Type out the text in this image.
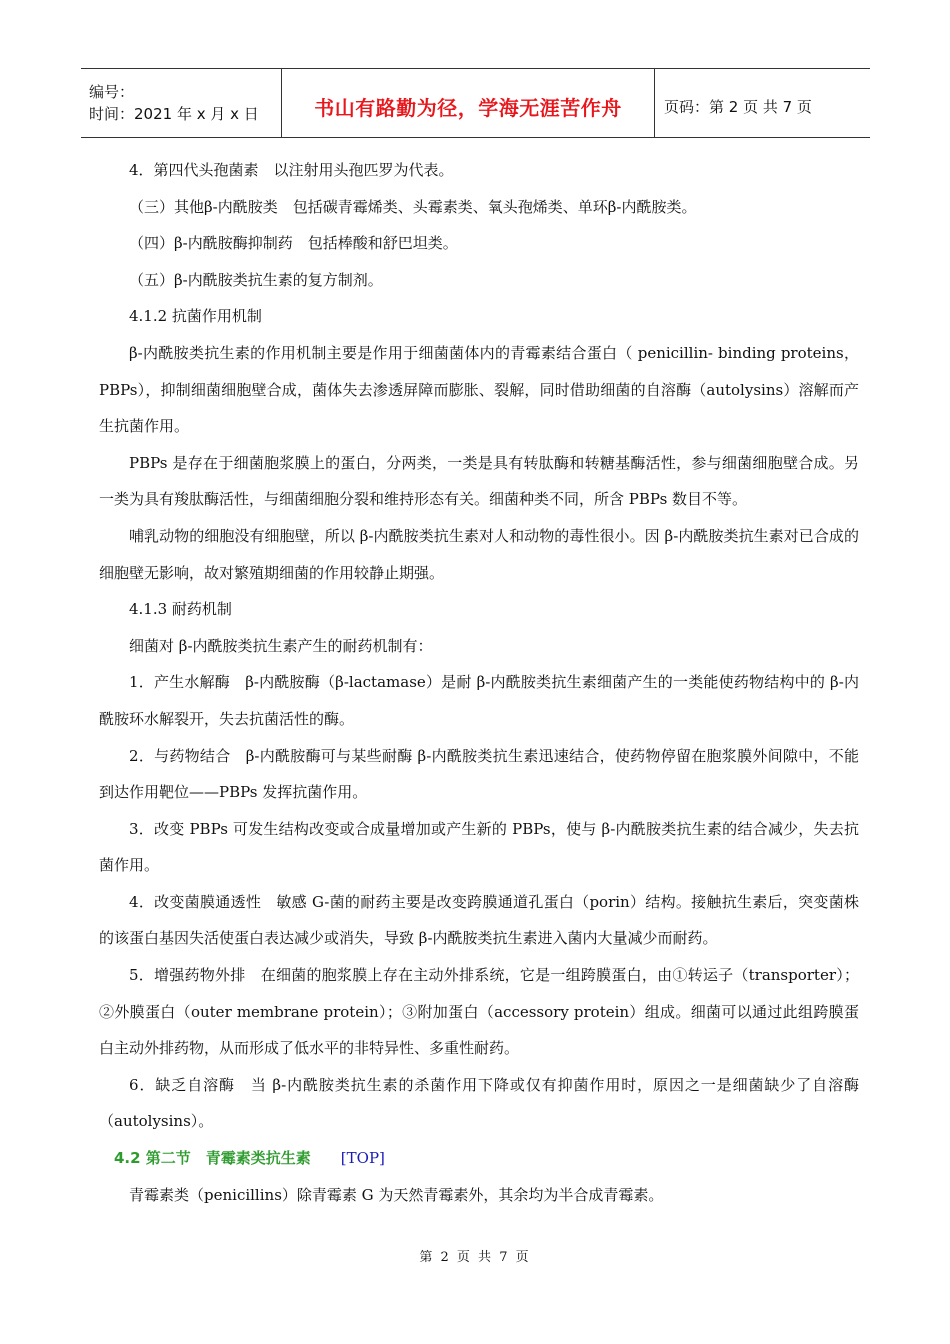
编号：
时间：2021 年 x 月 x 日	书山有路勤为径，学海无涯苦作舟	页码：第 2 页 共 7 页

4．第四代头孢菌素　以注射用头孢匹罗为代表。

（三）其他β-内酰胺类　包括碳青霉烯类、头霉素类、氧头孢烯类、单环β-内酰胺类。

（四）β-内酰胺酶抑制药　包括棒酸和舒巴坦类。

（五）β-内酰胺类抗生素的复方制剂。

4.1.2 抗菌作用机制

β-内酰胺类抗生素的作用机制主要是作用于细菌菌体内的青霉素结合蛋白（ penicillin- binding proteins，PBPs），抑制细菌细胞壁合成，菌体失去渗透屏障而膨胀、裂解，同时借助细菌的自溶酶（autolysins）溶解而产生抗菌作用。

PBPs 是存在于细菌胞浆膜上的蛋白，分两类，一类是具有转肽酶和转糖基酶活性，参与细菌细胞壁合成。另一类为具有羧肽酶活性，与细菌细胞分裂和维持形态有关。细菌种类不同，所含 PBPs 数目不等。

哺乳动物的细胞没有细胞壁，所以 β-内酰胺类抗生素对人和动物的毒性很小。因 β-内酰胺类抗生素对已合成的细胞壁无影响，故对繁殖期细菌的作用较静止期强。

4.1.3 耐药机制

细菌对 β-内酰胺类抗生素产生的耐药机制有：

1．产生水解酶　β-内酰胺酶（β-lactamase）是耐 β-内酰胺类抗生素细菌产生的一类能使药物结构中的 β-内酰胺环水解裂开，失去抗菌活性的酶。

2．与药物结合　β-内酰胺酶可与某些耐酶 β-内酰胺类抗生素迅速结合，使药物停留在胞浆膜外间隙中，不能到达作用靶位——PBPs 发挥抗菌作用。

3．改变 PBPs 可发生结构改变或合成量增加或产生新的 PBPs，使与 β-内酰胺类抗生素的结合减少，失去抗菌作用。

4．改变菌膜通透性　敏感 G-菌的耐药主要是改变跨膜通道孔蛋白（porin）结构。接触抗生素后，突变菌株的该蛋白基因失活使蛋白表达减少或消失，导致 β-内酰胺类抗生素进入菌内大量减少而耐药。

5．增强药物外排　在细菌的胞浆膜上存在主动外排系统，它是一组跨膜蛋白，由①转运子（transporter）；②外膜蛋白（outer membrane protein）；③附加蛋白（accessory protein）组成。细菌可以通过此组跨膜蛋白主动外排药物，从而形成了低水平的非特异性、多重性耐药。

6．缺乏自溶酶　当 β-内酰胺类抗生素的杀菌作用下降或仅有抑菌作用时，原因之一是细菌缺少了自溶酶（autolysins）。

4.2 第二节　青霉素类抗生素 [TOP]

青霉素类（penicillins）除青霉素 G 为天然青霉素外，其余均为半合成青霉素。

第 2 页 共 7 页
